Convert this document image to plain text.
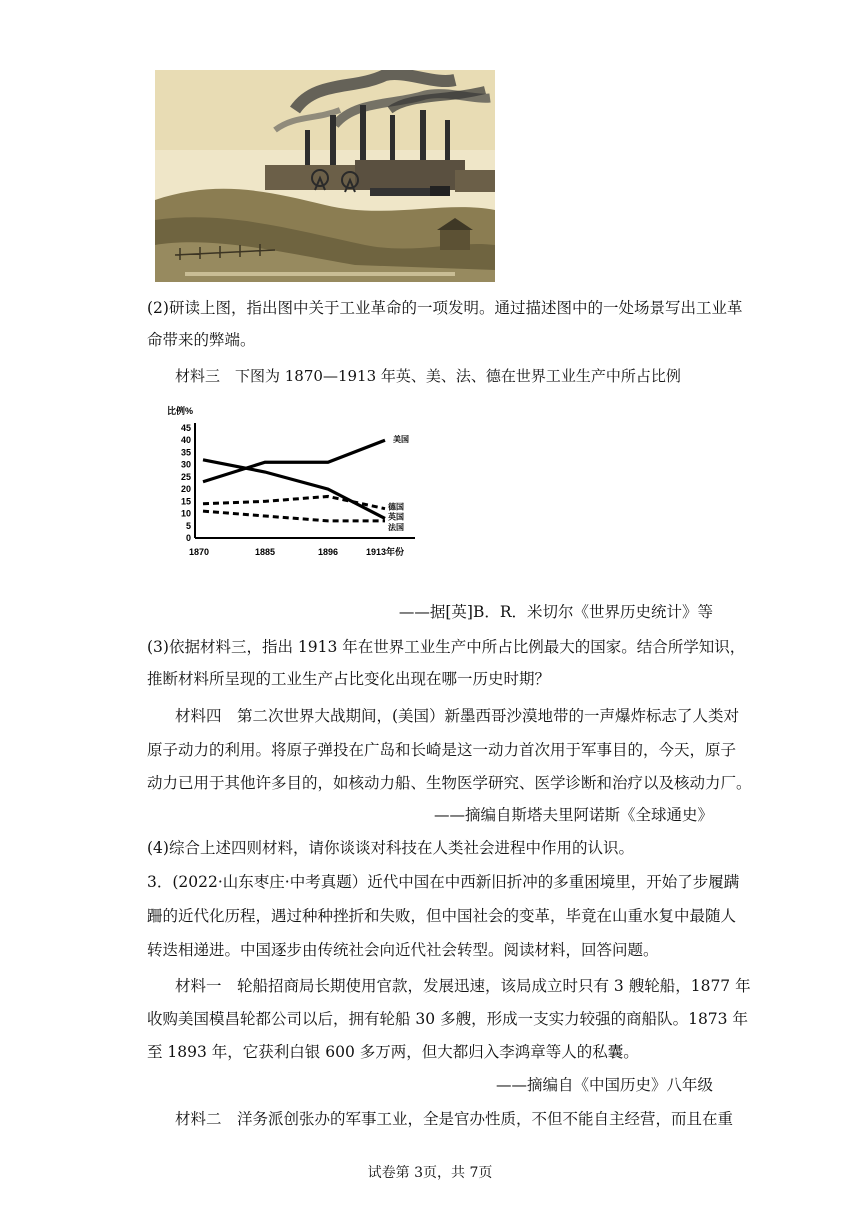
(2)研读上图，指出图中关于工业革命的一项发明。通过描述图中的一处场景写出工业革
命带来的弊端。
材料三　下图为 1870—1913 年英、美、法、德在世界工业生产中所占比例
比例%
0
5
10
15
20
25
30
35
40
45
1870	1885	1896	1913年份
美国
英国
德国
法国
——据[英]B．R．米切尔《世界历史统计》等
(3)依据材料三，指出 1913 年在世界工业生产中所占比例最大的国家。结合所学知识，
推断材料所呈现的工业生产占比变化出现在哪一历史时期？
材料四　第二次世界大战期间，(美国）新墨西哥沙漠地带的一声爆炸标志了人类对
原子动力的利用。将原子弹投在广岛和长崎是这一动力首次用于军事目的，今天，原子
动力已用于其他许多目的，如核动力船、生物医学研究、医学诊断和治疗以及核动力厂。
——摘编自斯塔夫里阿诺斯《全球通史》
(4)综合上述四则材料，请你谈谈对科技在人类社会进程中作用的认识。
3．(2022·山东枣庄·中考真题）近代中国在中西新旧折冲的多重困境里，开始了步履蹒
跚的近代化历程，遇过种种挫折和失败，但中国社会的变革，毕竟在山重水复中最随人
转迭相递进。中国逐步由传统社会向近代社会转型。阅读材料，回答问题。
材料一　轮船招商局长期使用官款，发展迅速，该局成立时只有 3 艘轮船，1877 年
收购美国模昌轮都公司以后，拥有轮船 30 多艘，形成一支实力较强的商船队。1873 年
至 1893 年，它获利白银 600 多万两，但大都归入李鸿章等人的私囊。
——摘编自《中国历史》八年级
材料二　洋务派创张办的军事工业，全是官办性质，不但不能自主经营，而且在重
试卷第 3页，共 7页
